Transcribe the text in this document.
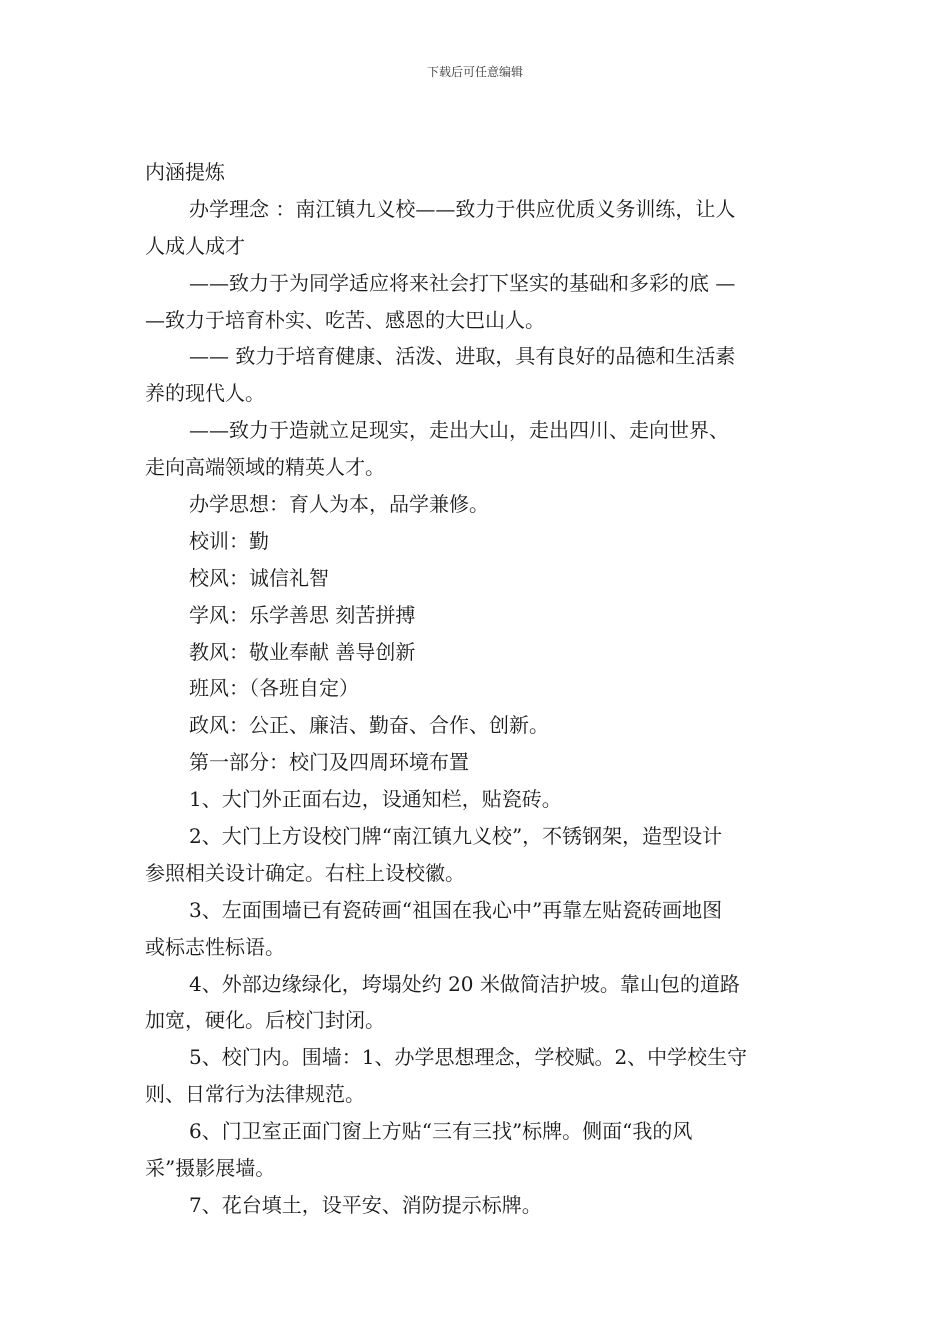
下载后可任意编辑
内涵提炼
办学理念 ：南江镇九义校——致力于供应优质义务训练，让人
人成人成才
——致力于为同学适应将来社会打下坚实的基础和多彩的底 —
—致力于培育朴实、吃苦、感恩的大巴山人。
—— 致力于培育健康、活泼、进取，具有良好的品德和生活素
养的现代人。
——致力于造就立足现实，走出大山，走出四川、走向世界、
走向高端领域的精英人才。
办学思想：育人为本，品学兼修。
校训：勤
校风：诚信礼智
学风：乐学善思 刻苦拼搏
教风：敬业奉献 善导创新
班风：（各班自定）
政风：公正、廉洁、勤奋、合作、创新。
第一部分：校门及四周环境布置
1、大门外正面右边，设通知栏，贴瓷砖。
2、大门上方设校门牌“南江镇九义校”，不锈钢架，造型设计
参照相关设计确定。右柱上设校徽。
3、左面围墙已有瓷砖画“祖国在我心中”再靠左贴瓷砖画地图
或标志性标语。
4、外部边缘绿化，垮塌处约 20 米做简洁护坡。靠山包的道路
加宽，硬化。后校门封闭。
5、校门内。围墙：1、办学思想理念，学校赋。2、中学校生守
则、日常行为法律规范。
6、门卫室正面门窗上方贴“三有三找”标牌。侧面“我的风
采”摄影展墙。
7、花台填土，设平安、消防提示标牌。
